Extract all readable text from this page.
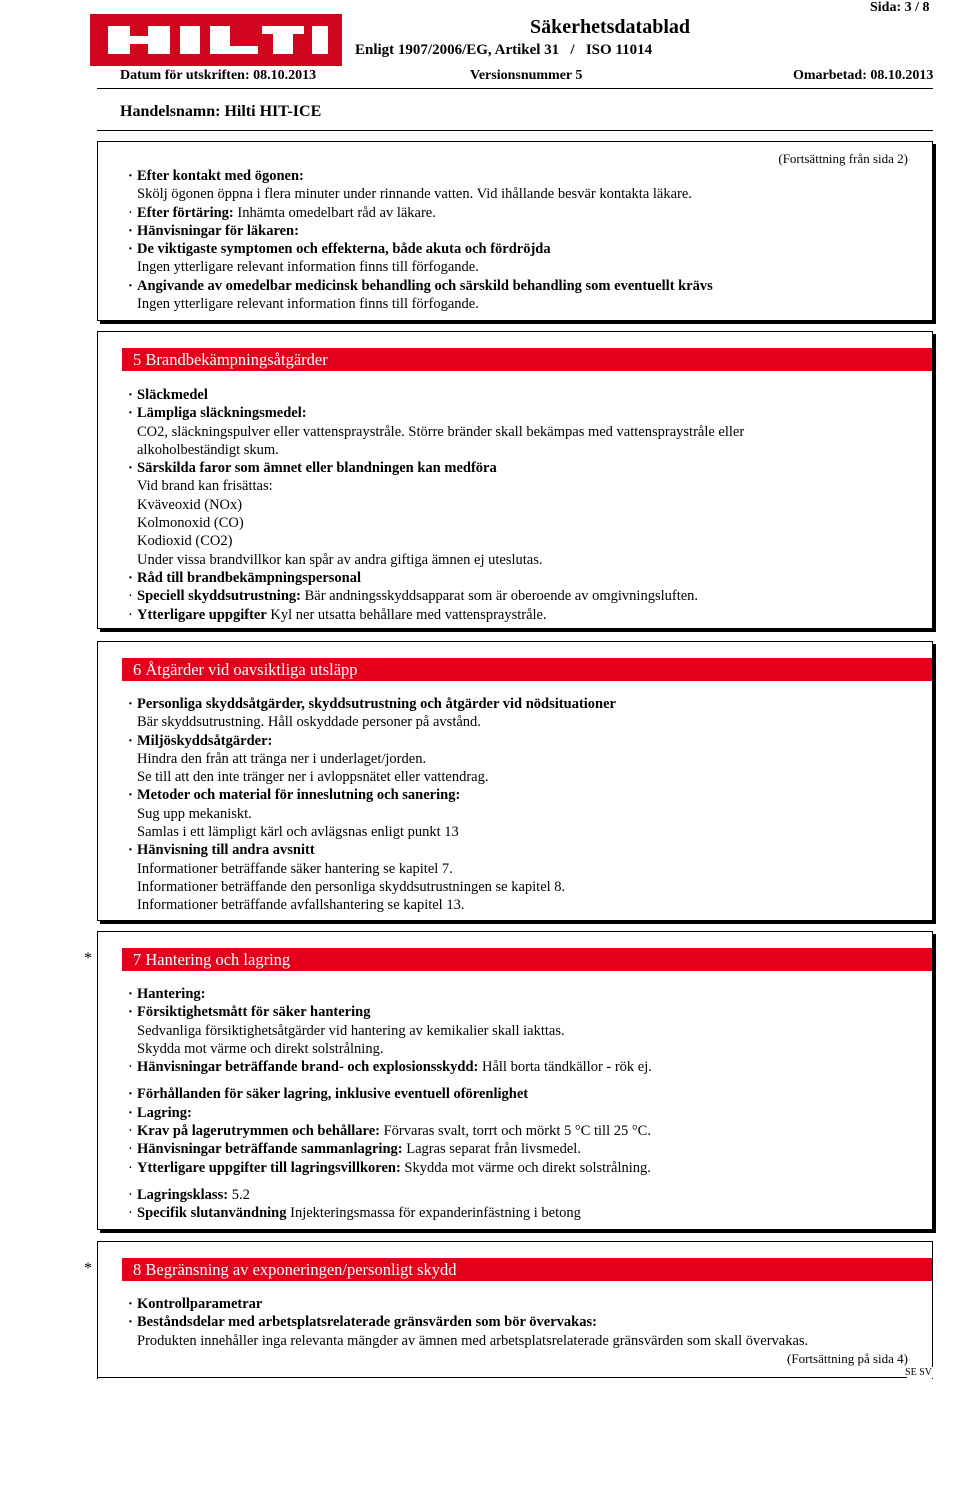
Säkerhetsdatablad
Enligt 1907/2006/EG, Artikel 31   /   ISO 11014
Sida: 3 / 8
Datum för utskriften: 08.10.2013	Versionsnummer 5	Omarbetad: 08.10.2013
Handelsnamn: Hilti HIT-ICE
(Fortsättning från sida 2)

· Efter kontakt med ögonen:

Skölj ögonen öppna i flera minuter under rinnande vatten. Vid ihållande besvär kontakta läkare.

· Efter förtäring: Inhämta omedelbart råd av läkare.

· Hänvisningar för läkaren:

· De viktigaste symptomen och effekterna, både akuta och fördröjda

Ingen ytterligare relevant information finns till förfogande.

· Angivande av omedelbar medicinsk behandling och särskild behandling som eventuellt krävs

Ingen ytterligare relevant information finns till förfogande.

5 Brandbekämpningsåtgärder

· Släckmedel

· Lämpliga släckningsmedel:

CO2, släckningspulver eller vattenspraystråle. Större bränder skall bekämpas med vattenspraystråle eller

alkoholbeständigt skum.

· Särskilda faror som ämnet eller blandningen kan medföra

Vid brand kan frisättas:

Kväveoxid (NOx)

Kolmonoxid (CO)

Kodioxid (CO2)

Under vissa brandvillkor kan spår av andra giftiga ämnen ej uteslutas.

· Råd till brandbekämpningspersonal

· Speciell skyddsutrustning: Bär andningsskyddsapparat som är oberoende av omgivningsluften.

· Ytterligare uppgifter Kyl ner utsatta behållare med vattenspraystråle.

6 Åtgärder vid oavsiktliga utsläpp

· Personliga skyddsåtgärder, skyddsutrustning och åtgärder vid nödsituationer

Bär skyddsutrustning. Håll oskyddade personer på avstånd.

· Miljöskyddsåtgärder:

Hindra den från att tränga ner i underlaget/jorden.

Se till att den inte tränger ner i avloppsnätet eller vattendrag.

· Metoder och material för inneslutning och sanering:

Sug upp mekaniskt.

Samlas i ett lämpligt kärl och avlägsnas enligt punkt 13

· Hänvisning till andra avsnitt

Informationer beträffande säker hantering se kapitel 7.

Informationer beträffande den personliga skyddsutrustningen se kapitel 8.

Informationer beträffande avfallshantering se kapitel 13.

*	7 Hantering och lagring

· Hantering:

· Försiktighetsmått för säker hantering

Sedvanliga försiktighetsåtgärder vid hantering av kemikalier skall iakttas.

Skydda mot värme och direkt solstrålning.

· Hänvisningar beträffande brand- och explosionsskydd: Håll borta tändkällor - rök ej.

· Förhållanden för säker lagring, inklusive eventuell oförenlighet

· Lagring:

· Krav på lagerutrymmen och behållare: Förvaras svalt, torrt och mörkt 5 °C till 25 °C.

· Hänvisningar beträffande sammanlagring: Lagras separat från livsmedel.

· Ytterligare uppgifter till lagringsvillkoren: Skydda mot värme och direkt solstrålning.

· Lagringsklass: 5.2

· Specifik slutanvändning Injekteringsmassa för expanderinfästning i betong

*	8 Begränsning av exponeringen/personligt skydd

· Kontrollparametrar

· Beståndsdelar med arbetsplatsrelaterade gränsvärden som bör övervakas:

Produkten innehåller inga relevanta mängder av ämnen med arbetsplatsrelaterade gränsvärden som skall övervakas.

(Fortsättning på sida 4)
SE SV
